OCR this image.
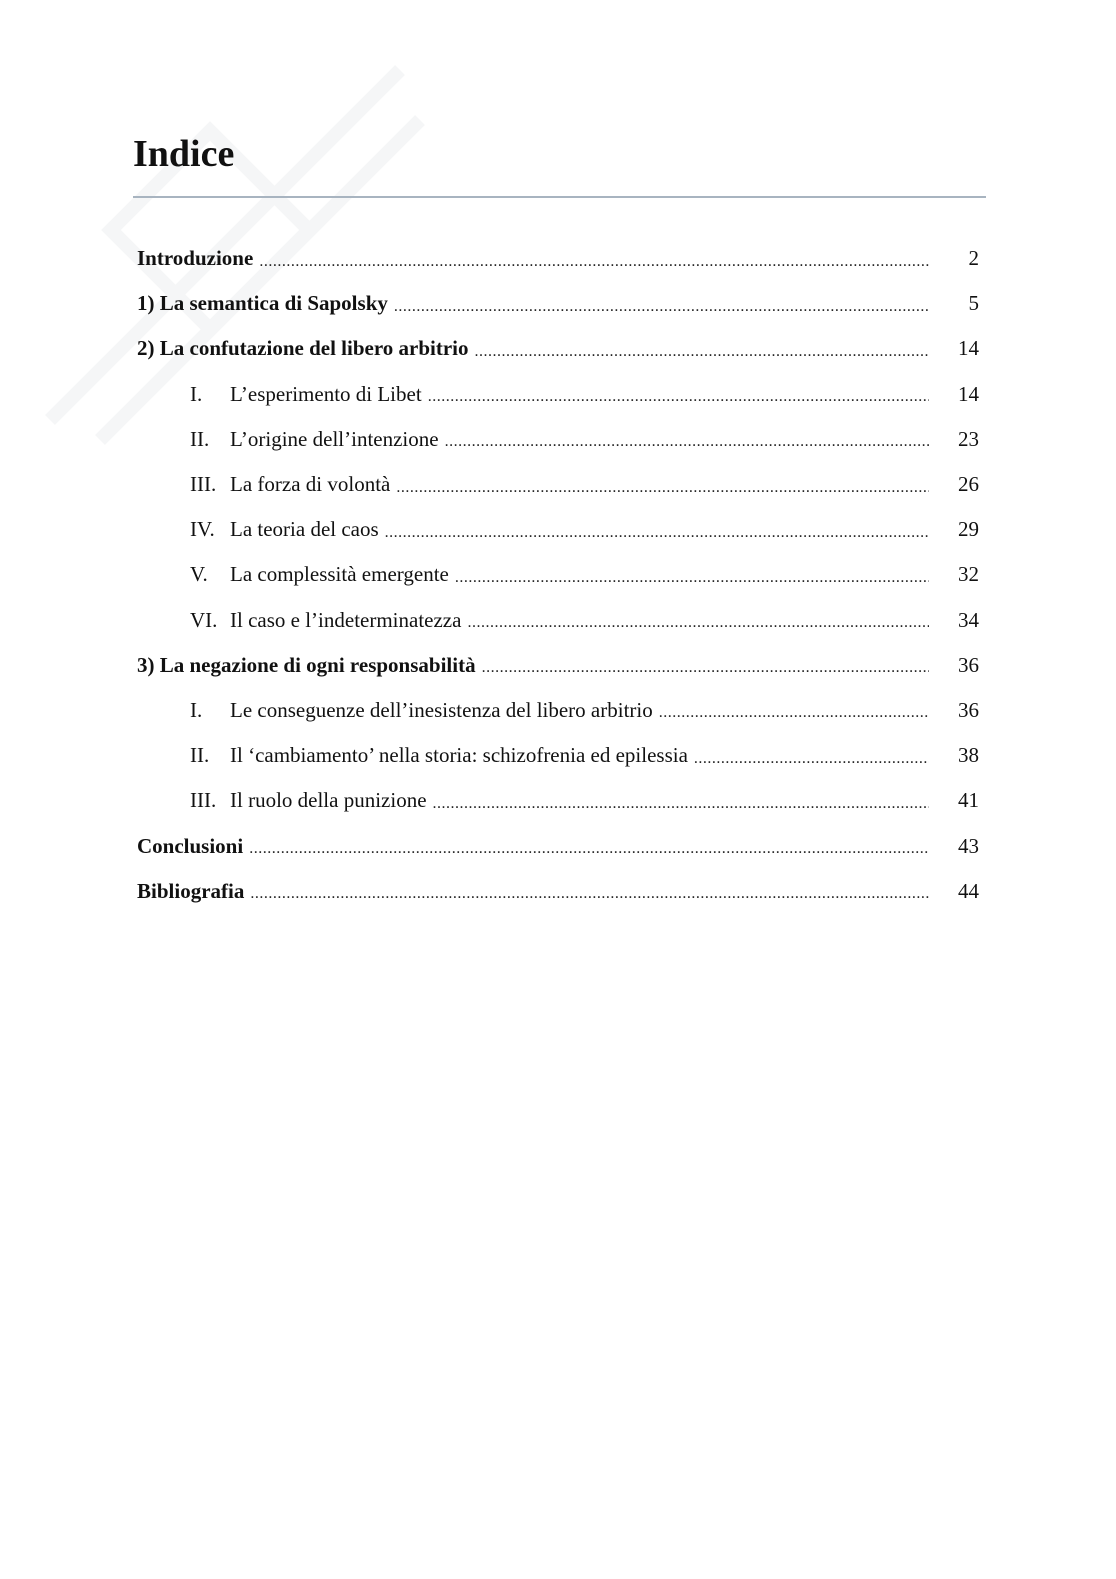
Indice
Introduzione .....	2
1) La semantica di Sapolsky .....	5
2) La confutazione del libero arbitrio .....	14
I.	L’esperimento di Libet .....	14
II. L’origine dell’intenzione .....	23
III. La forza di volontà .....	26
IV. La teoria del caos .....	29
V.	La complessità emergente .....	32
VI. Il caso e l’indeterminatezza .....	34
3) La negazione di ogni responsabilità .....	36
I.	Le conseguenze dell’inesistenza del libero arbitrio .....	36
II. Il ‘cambiamento’ nella storia: schizofrenia ed epilessia .....	38
III. Il ruolo della punizione .....	41
Conclusioni .....	43
Bibliografia .....	44
